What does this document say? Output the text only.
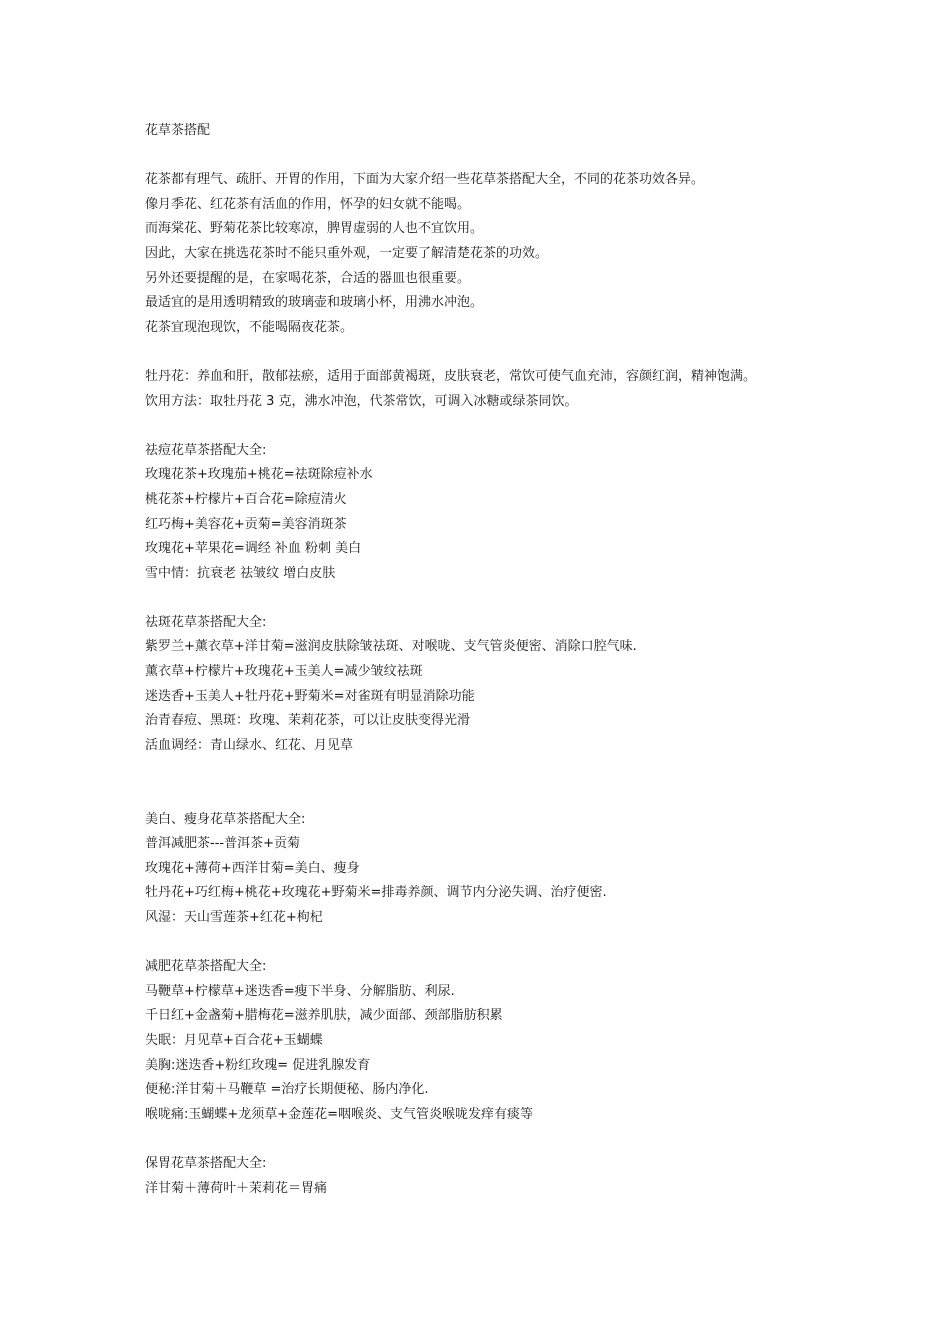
花草茶搭配
花茶都有理气、疏肝、开胃的作用，下面为大家介绍一些花草茶搭配大全，不同的花茶功效各异。
像月季花、红花茶有活血的作用，怀孕的妇女就不能喝。
而海棠花、野菊花茶比较寒凉，脾胃虚弱的人也不宜饮用。
因此，大家在挑选花茶时不能只重外观，一定要了解清楚花茶的功效。
另外还要提醒的是，在家喝花茶，合适的器皿也很重要。
最适宜的是用透明精致的玻璃壶和玻璃小杯，用沸水冲泡。
花茶宜现泡现饮，不能喝隔夜花茶。
牡丹花：养血和肝，散郁祛瘀，适用于面部黄褐斑，皮肤衰老，常饮可使气血充沛，容颜红润，精神饱满。
饮用方法：取牡丹花 3 克，沸水冲泡，代茶常饮，可调入冰糖或绿茶同饮。
祛痘花草茶搭配大全:
玫瑰花茶+玫瑰茄+桃花=祛斑除痘补水
桃花茶+柠檬片+百合花=除痘清火
红巧梅+美容花+贡菊=美容消斑茶
玫瑰花+苹果花=调经 补血 粉刺 美白
雪中情：抗衰老 祛皱纹 增白皮肤
祛斑花草茶搭配大全:
紫罗兰+薰衣草+洋甘菊=滋润皮肤除皱祛斑、对喉咙、支气管炎便密、消除口腔气味.
薰衣草+柠檬片+玫瑰花+玉美人=减少皱纹祛斑
迷迭香+玉美人+牡丹花+野菊米=对雀斑有明显消除功能
治青春痘、黑斑：玫瑰、茉莉花茶，可以让皮肤变得光滑
活血调经：青山绿水、红花、月见草
美白、瘦身花草茶搭配大全:
普洱减肥茶---普洱茶+贡菊
玫瑰花+薄荷+西洋甘菊=美白、瘦身
牡丹花+巧红梅+桃花+玫瑰花+野菊米=排毒养颜、调节内分泌失调、治疗便密.
风湿：天山雪莲茶+红花+枸杞
减肥花草茶搭配大全:
马鞭草+柠檬草+迷迭香=瘦下半身、分解脂肪、利尿.
千日红+金盏菊+腊梅花=滋养肌肤，减少面部、颈部脂肪积累
失眠：月见草+百合花+玉蝴蝶
美胸:迷迭香+粉红玫瑰= 促进乳腺发育
便秘:洋甘菊＋马鞭草 =治疗长期便秘、肠内净化.
喉咙痛:玉蝴蝶+龙须草+金莲花=咽喉炎、支气管炎喉咙发痒有痰等
保胃花草茶搭配大全:
洋甘菊＋薄荷叶＋茉莉花＝胃痛
